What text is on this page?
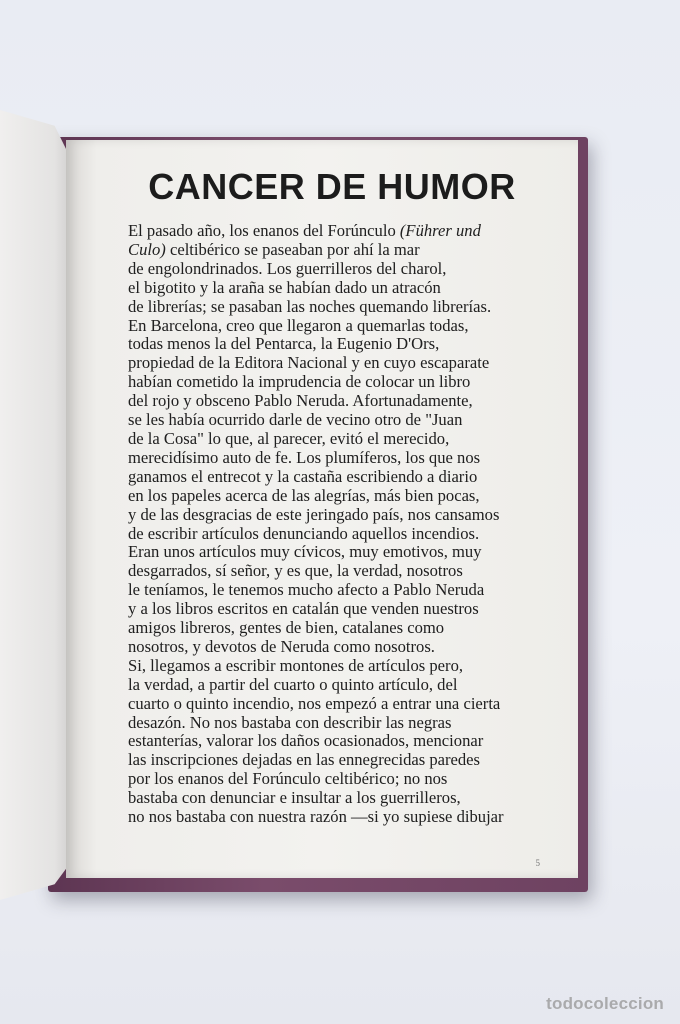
CANCER DE HUMOR
El pasado año, los enanos del Forúnculo (Führer und
Culo) celtibérico se paseaban por ahí la mar
de engolondrinados. Los guerrilleros del charol,
el bigotito y la araña se habían dado un atracón
de librerías; se pasaban las noches quemando librerías.
En Barcelona, creo que llegaron a quemarlas todas,
todas menos la del Pentarca, la Eugenio D'Ors,
propiedad de la Editora Nacional y en cuyo escaparate
habían cometido la imprudencia de colocar un libro
del rojo y obsceno Pablo Neruda. Afortunadamente,
se les había ocurrido darle de vecino otro de "Juan
de la Cosa" lo que, al parecer, evitó el merecido,
merecidísimo auto de fe. Los plumíferos, los que nos
ganamos el entrecot y la castaña escribiendo a diario
en los papeles acerca de las alegrías, más bien pocas,
y de las desgracias de este jeringado país, nos cansamos
de escribir artículos denunciando aquellos incendios.
Eran unos artículos muy cívicos, muy emotivos, muy
desgarrados, sí señor, y es que, la verdad, nosotros
le teníamos, le tenemos mucho afecto a Pablo Neruda
y a los libros escritos en catalán que venden nuestros
amigos libreros, gentes de bien, catalanes como
nosotros, y devotos de Neruda como nosotros.
Si, llegamos a escribir montones de artículos pero,
la verdad, a partir del cuarto o quinto artículo, del
cuarto o quinto incendio, nos empezó a entrar una cierta
desazón. No nos bastaba con describir las negras
estanterías, valorar los daños ocasionados, mencionar
las inscripciones dejadas en las ennegrecidas paredes
por los enanos del Forúnculo celtibérico; no nos
bastaba con denunciar e insultar a los guerrilleros,
no nos bastaba con nuestra razón —si yo supiese dibujar
5
todocoleccion
